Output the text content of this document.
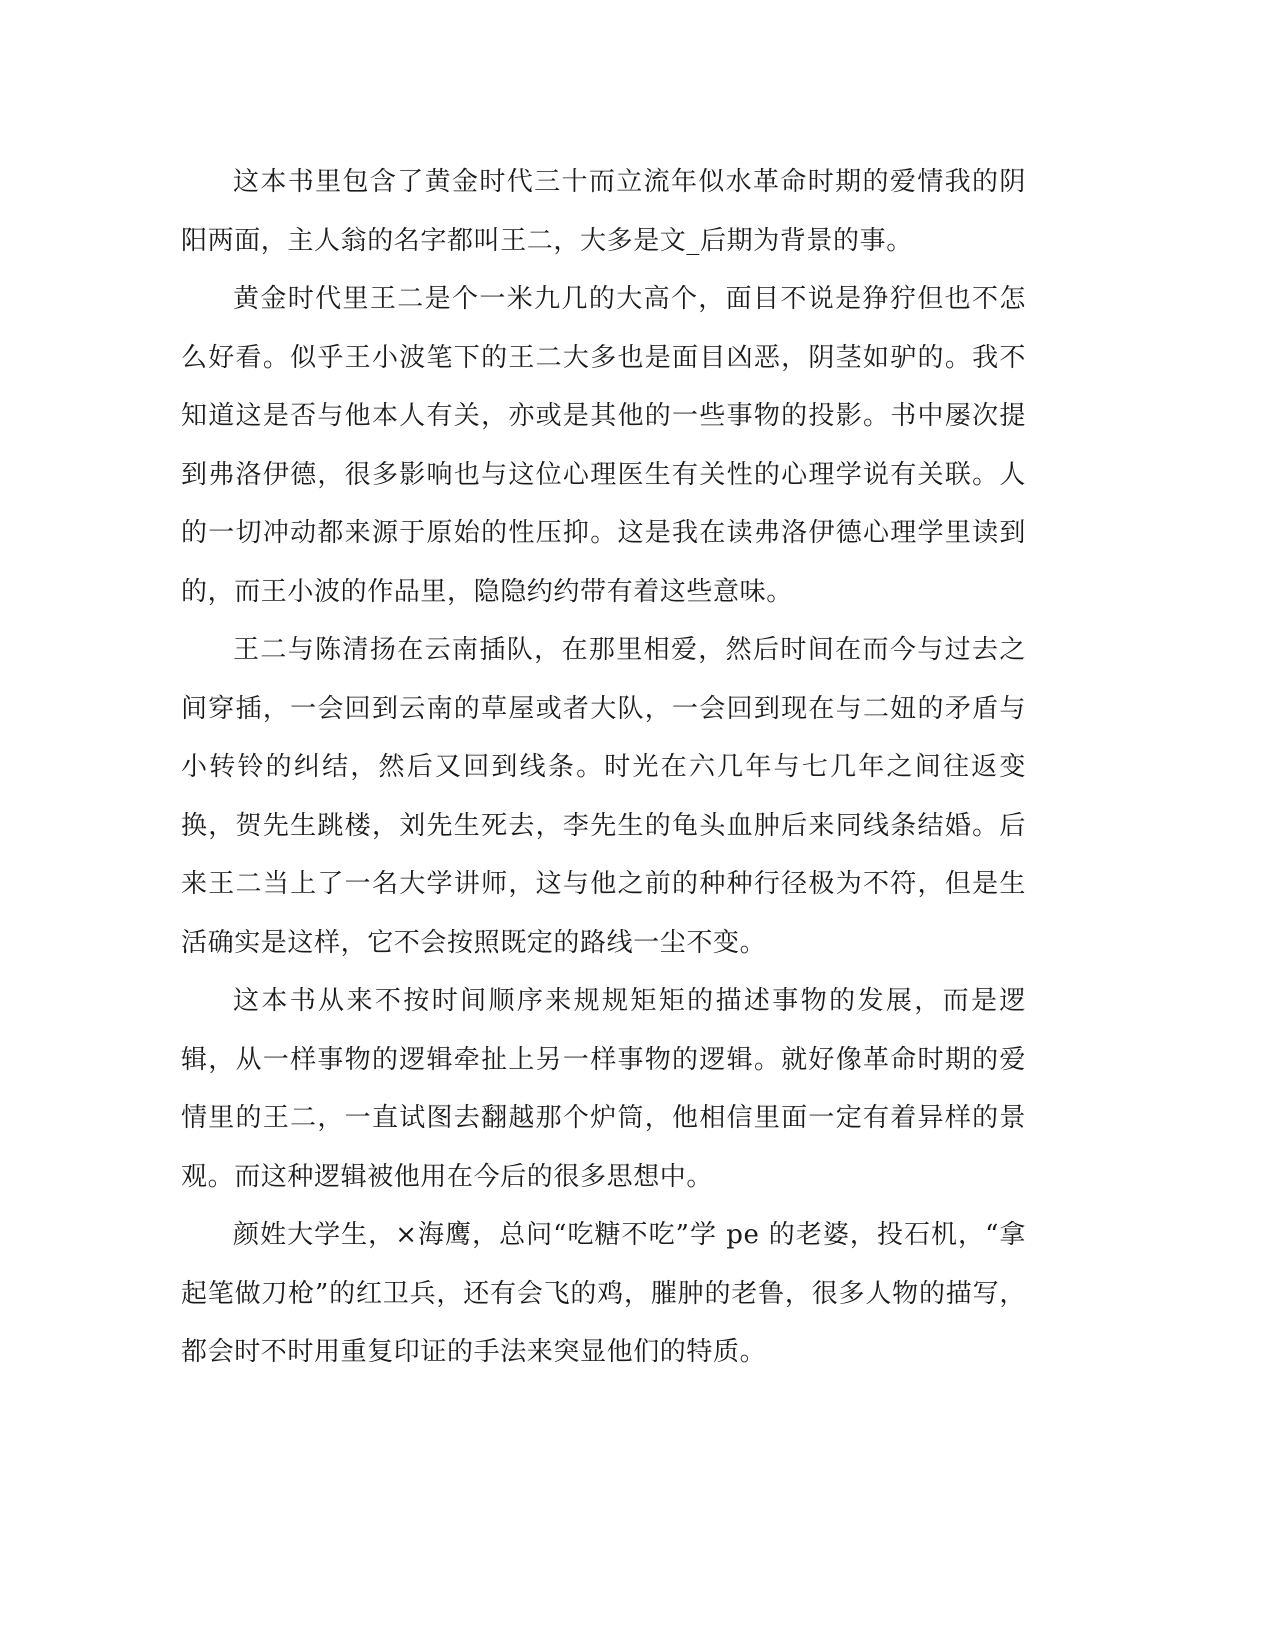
这本书里包含了黄金时代三十而立流年似水革命时期的爱情我的阴阳两面，主人翁的名字都叫王二，大多是文_后期为背景的事。

黄金时代里王二是个一米九几的大高个，面目不说是狰狞但也不怎么好看。似乎王小波笔下的王二大多也是面目凶恶，阴茎如驴的。我不知道这是否与他本人有关，亦或是其他的一些事物的投影。书中屡次提到弗洛伊德，很多影响也与这位心理医生有关性的心理学说有关联。人的一切冲动都来源于原始的性压抑。这是我在读弗洛伊德心理学里读到的，而王小波的作品里，隐隐约约带有着这些意味。

王二与陈清扬在云南插队，在那里相爱，然后时间在而今与过去之间穿插，一会回到云南的草屋或者大队，一会回到现在与二妞的矛盾与小转铃的纠结，然后又回到线条。时光在六几年与七几年之间往返变换，贺先生跳楼，刘先生死去，李先生的龟头血肿后来同线条结婚。后来王二当上了一名大学讲师，这与他之前的种种行径极为不符，但是生活确实是这样，它不会按照既定的路线一尘不变。

这本书从来不按时间顺序来规规矩矩的描述事物的发展，而是逻辑，从一样事物的逻辑牵扯上另一样事物的逻辑。就好像革命时期的爱情里的王二，一直试图去翻越那个炉筒，他相信里面一定有着异样的景观。而这种逻辑被他用在今后的很多思想中。

颜姓大学生，×海鹰，总问“吃糖不吃”学 pe 的老婆，投石机，“拿起笔做刀枪”的红卫兵，还有会飞的鸡，膗肿的老鲁，很多人物的描写，都会时不时用重复印证的手法来突显他们的特质。
